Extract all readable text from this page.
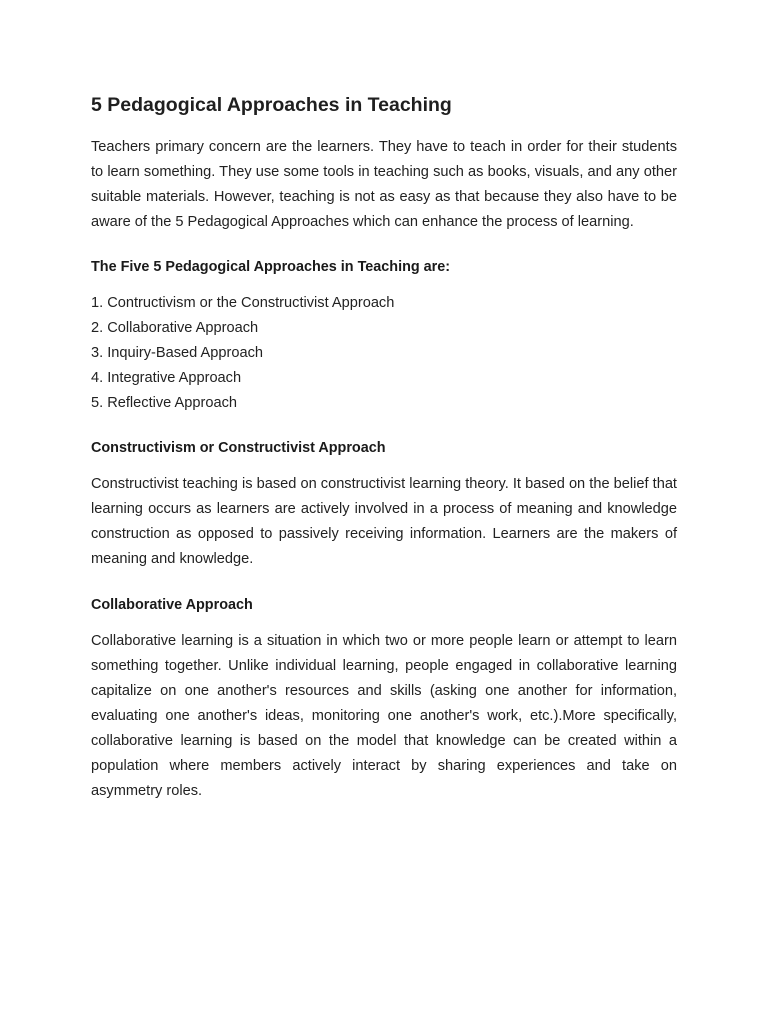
5 Pedagogical Approaches in Teaching

Teachers primary concern are the learners. They have to teach in order for their students to learn something. They use some tools in teaching such as books, visuals, and any other suitable materials. However, teaching is not as easy as that because they also have to be aware of the 5 Pedagogical Approaches which can enhance the process of learning.

The Five 5 Pedagogical Approaches in Teaching are:
1. Contructivism or the Constructivist Approach
2. Collaborative Approach
3. Inquiry-Based Approach
4. Integrative Approach
5. Reflective Approach
Constructivism or Constructivist Approach

Constructivist teaching is based on constructivist learning theory. It based on the belief that learning occurs as learners are actively involved in a process of meaning and knowledge construction as opposed to passively receiving information. Learners are the makers of meaning and knowledge.

Collaborative Approach

Collaborative learning is a situation in which two or more people learn or attempt to learn something together. Unlike individual learning, people engaged in collaborative learning capitalize on one another's resources and skills (asking one another for information, evaluating one another's ideas, monitoring one another's work, etc.).More specifically, collaborative learning is based on the model that knowledge can be created within a population where members actively interact by sharing experiences and take on asymmetry roles.
